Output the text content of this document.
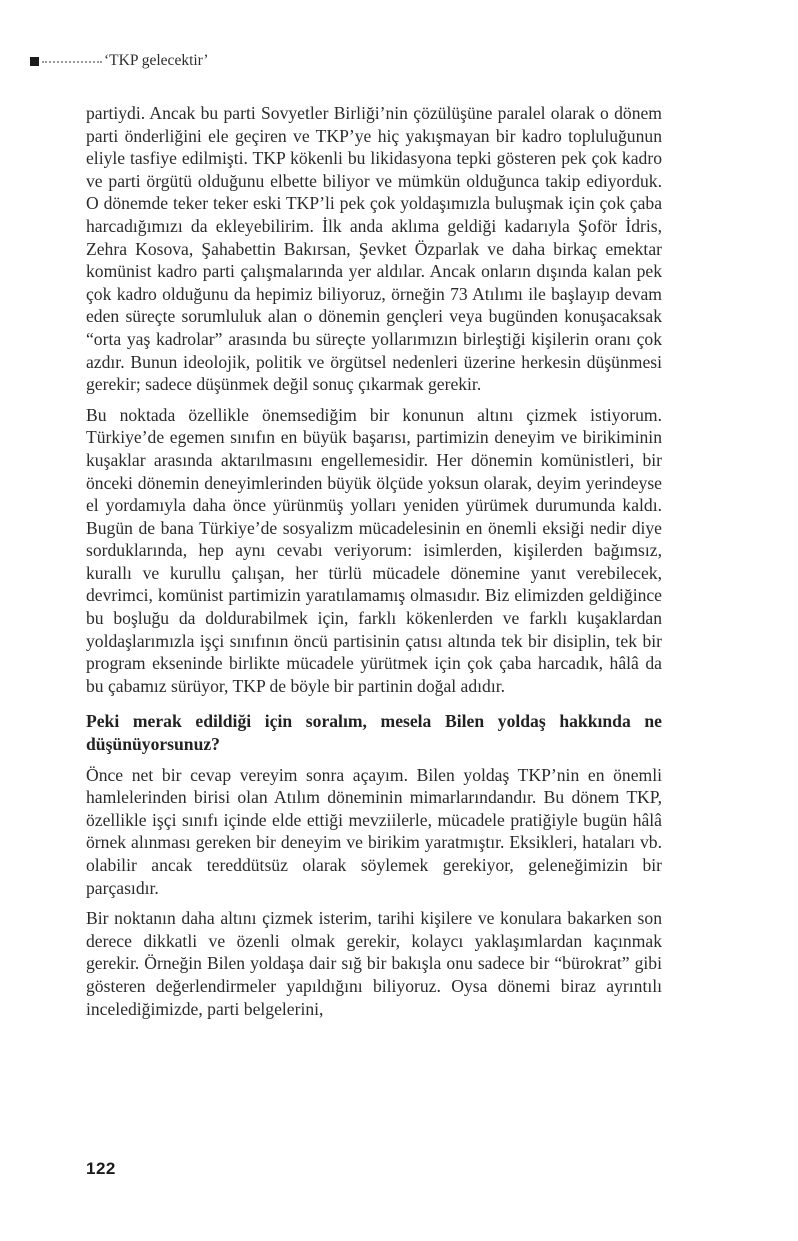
‘TKP gelecektir’

partiydi. Ancak bu parti Sovyetler Birliği’nin çözülüşüne paralel olarak o dönem parti önderliğini ele geçiren ve TKP’ye hiç yakışmayan bir kadro topluluğunun eliyle tasfiye edilmişti. TKP kökenli bu likidasyona tepki gösteren pek çok kadro ve parti örgütü olduğunu elbette biliyor ve mümkün olduğunca takip ediyorduk. O dönemde teker teker eski TKP’li pek çok yoldaşımızla buluşmak için çok çaba harcadığımızı da ekleyebilirim. İlk anda aklıma geldiği kadarıyla Şoför İdris, Zehra Kosova, Şahabettin Bakırsan, Şevket Özparlak ve daha birkaç emektar komünist kadro parti çalışmalarında yer aldılar. Ancak onların dışında kalan pek çok kadro olduğunu da hepimiz biliyoruz, örneğin 73 Atılımı ile başlayıp devam eden süreçte sorumluluk alan o dönemin gençleri veya bugünden konuşacaksak “orta yaş kadrolar” arasında bu süreçte yollarımızın birleştiği kişilerin oranı çok azdır. Bunun ideolojik, politik ve örgütsel nedenleri üzerine herkesin düşünmesi gerekir; sadece düşünmek değil sonuç çıkarmak gerekir.

Bu noktada özellikle önemsediğim bir konunun altını çizmek istiyorum. Türkiye’de egemen sınıfın en büyük başarısı, partimizin deneyim ve birikiminin kuşaklar arasında aktarılmasını engellemesidir. Her dönemin komünistleri, bir önceki dönemin deneyimlerinden büyük ölçüde yoksun olarak, deyim yerindeyse el yordamıyla daha önce yürünmüş yolları yeniden yürümek durumunda kaldı. Bugün de bana Türkiye’de sosyalizm mücadelesinin en önemli eksiği nedir diye sorduklarında, hep aynı cevabı veriyorum: isimlerden, kişilerden bağımsız, kurallı ve kurullu çalışan, her türlü mücadele dönemine yanıt verebilecek, devrimci, komünist partimizin yaratılamamış olmasıdır. Biz elimizden geldiğince bu boşluğu da doldurabilmek için, farklı kökenlerden ve farklı kuşaklardan yoldaşlarımızla işçi sınıfının öncü partisinin çatısı altında tek bir disiplin, tek bir program ekseninde birlikte mücadele yürütmek için çok çaba harcadık, hâlâ da bu çabamız sürüyor, TKP de böyle bir partinin doğal adıdır.

Peki merak edildiği için soralım, mesela Bilen yoldaş hakkında ne düşünüyorsunuz?

Önce net bir cevap vereyim sonra açayım. Bilen yoldaş TKP’nin en önemli hamlelerinden birisi olan Atılım döneminin mimarlarındandır. Bu dönem TKP, özellikle işçi sınıfı içinde elde ettiği mevziilerle, mücadele pratiğiyle bugün hâlâ örnek alınması gereken bir deneyim ve birikim yaratmıştır. Eksikleri, hataları vb. olabilir ancak tereddütsüz olarak söylemek gerekiyor, geleneğimizin bir parçasıdır.

Bir noktanın daha altını çizmek isterim, tarihi kişilere ve konulara bakarken son derece dikkatli ve özenli olmak gerekir, kolaycı yaklaşımlardan kaçınmak gerekir. Örneğin Bilen yoldaşa dair sığ bir bakışla onu sadece bir “bürokrat” gibi gösteren değerlendirmeler yapıldığını biliyoruz. Oysa dönemi biraz ayrıntılı incelediğimizde, parti belgelerini,

122
